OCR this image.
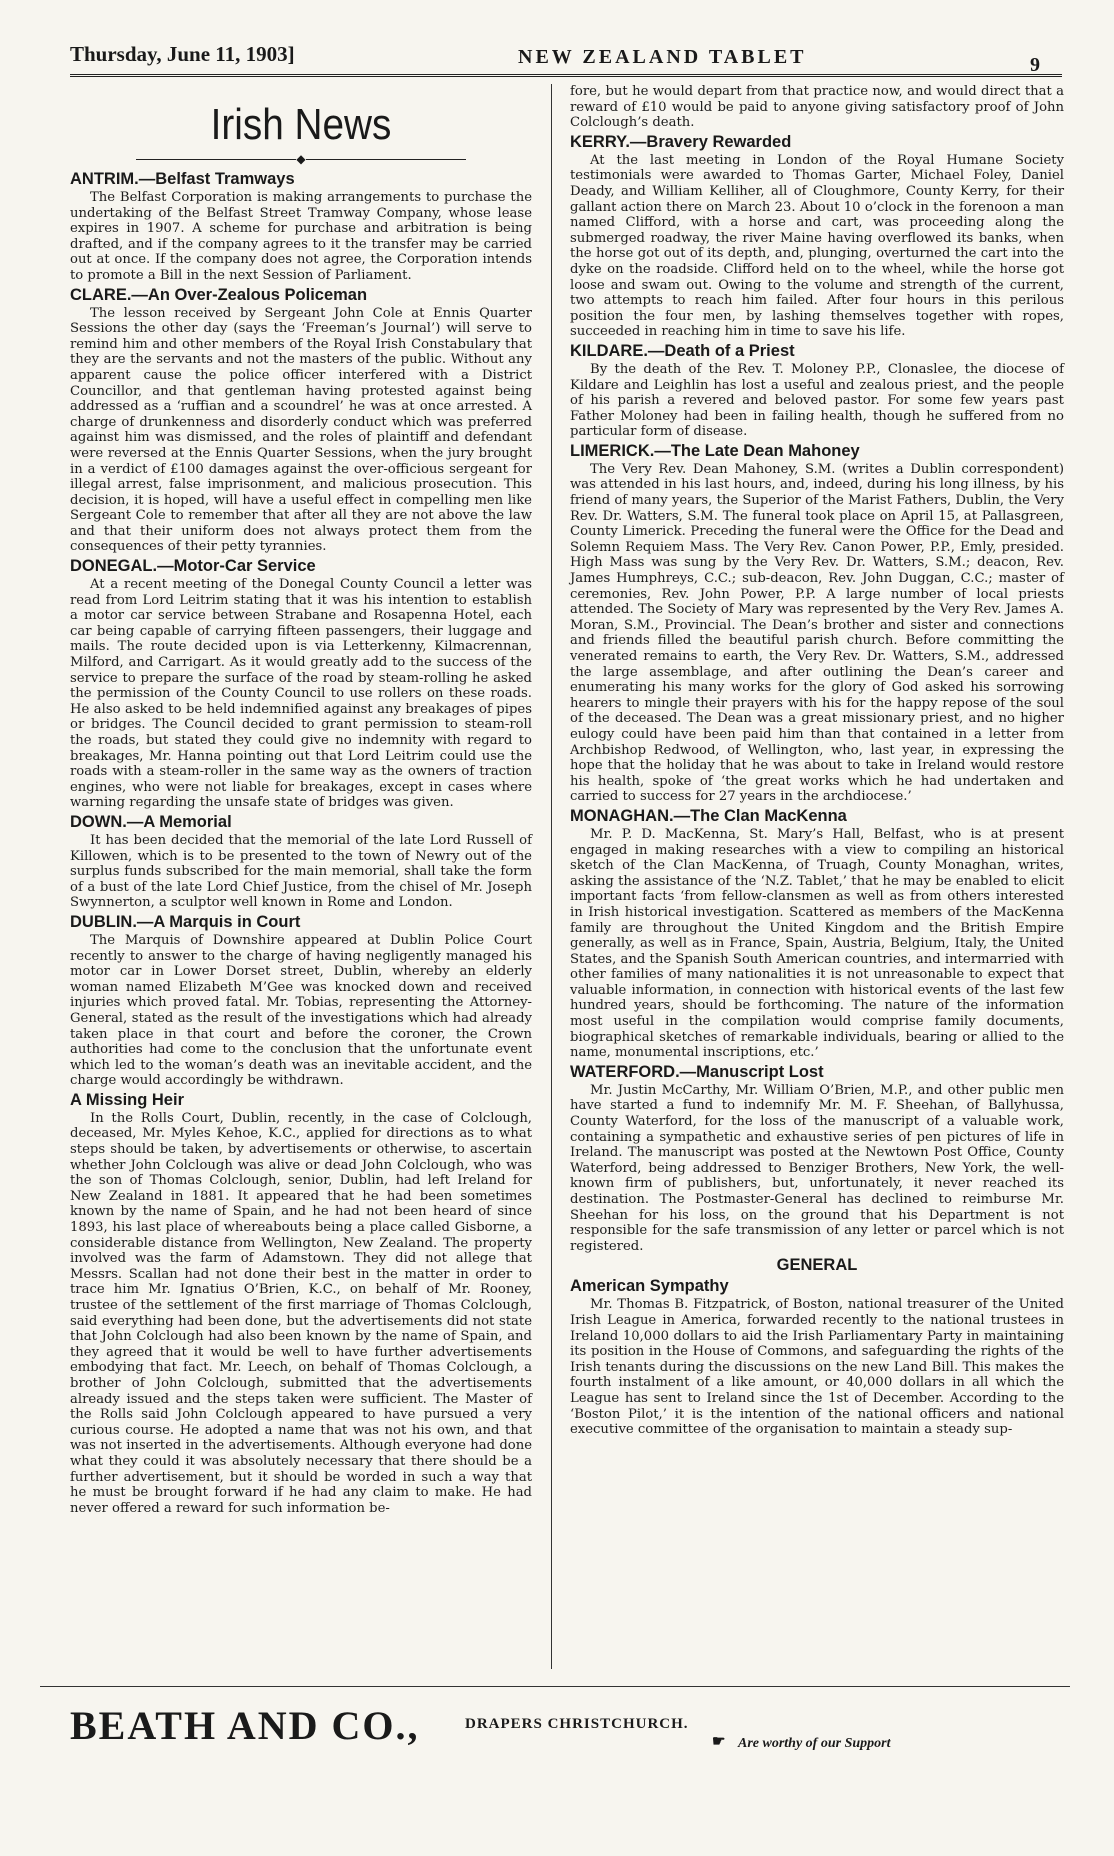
Thursday, June 11, 1903]	NEW ZEALAND TABLET	9
Irish News
◆
ANTRIM.—Belfast Tramways

The Belfast Corporation is making arrangements to purchase the undertaking of the Belfast Street Tramway Company, whose lease expires in 1907. A scheme for purchase and arbitration is being drafted, and if the company agrees to it the transfer may be carried out at once. If the company does not agree, the Corporation intends to promote a Bill in the next Session of Parliament.

CLARE.—An Over-Zealous Policeman

The lesson received by Sergeant John Cole at Ennis Quarter Sessions the other day (says the ‘Freeman’s Journal’) will serve to remind him and other members of the Royal Irish Constabulary that they are the servants and not the masters of the public. Without any apparent cause the police officer interfered with a District Councillor, and that gentleman having protested against being addressed as a ‘ruffian and a scoundrel’ he was at once arrested. A charge of drunkenness and disorderly conduct which was preferred against him was dismissed, and the roles of plaintiff and defendant were reversed at the Ennis Quarter Sessions, when the jury brought in a verdict of £100 damages against the over-officious sergeant for illegal arrest, false imprisonment, and malicious prosecution. This decision, it is hoped, will have a useful effect in compelling men like Sergeant Cole to remember that after all they are not above the law and that their uniform does not always protect them from the consequences of their petty tyrannies.

DONEGAL.—Motor-Car Service

At a recent meeting of the Donegal County Council a letter was read from Lord Leitrim stating that it was his intention to establish a motor car service between Strabane and Rosapenna Hotel, each car being capable of carrying fifteen passengers, their luggage and mails. The route decided upon is via Letterkenny, Kilmacrennan, Milford, and Carrigart. As it would greatly add to the success of the service to prepare the surface of the road by steam-rolling he asked the permission of the County Council to use rollers on these roads. He also asked to be held indemnified against any breakages of pipes or bridges. The Council decided to grant permission to steam-roll the roads, but stated they could give no indemnity with regard to breakages, Mr. Hanna pointing out that Lord Leitrim could use the roads with a steam-roller in the same way as the owners of traction engines, who were not liable for breakages, except in cases where warning regarding the unsafe state of bridges was given.

DOWN.—A Memorial

It has been decided that the memorial of the late Lord Russell of Killowen, which is to be presented to the town of Newry out of the surplus funds subscribed for the main memorial, shall take the form of a bust of the late Lord Chief Justice, from the chisel of Mr. Joseph Swynnerton, a sculptor well known in Rome and London.

DUBLIN.—A Marquis in Court

The Marquis of Downshire appeared at Dublin Police Court recently to answer to the charge of having negligently managed his motor car in Lower Dorset street, Dublin, whereby an elderly woman named Elizabeth M’Gee was knocked down and received injuries which proved fatal. Mr. Tobias, representing the Attorney-General, stated as the result of the investigations which had already taken place in that court and before the coroner, the Crown authorities had come to the conclusion that the unfortunate event which led to the woman’s death was an inevitable accident, and the charge would accordingly be withdrawn.

A Missing Heir

In the Rolls Court, Dublin, recently, in the case of Colclough, deceased, Mr. Myles Kehoe, K.C., applied for directions as to what steps should be taken, by advertisements or otherwise, to ascertain whether John Colclough was alive or dead John Colclough, who was the son of Thomas Colclough, senior, Dublin, had left Ireland for New Zealand in 1881. It appeared that he had been sometimes known by the name of Spain, and he had not been heard of since 1893, his last place of whereabouts being a place called Gisborne, a considerable distance from Wellington, New Zealand. The property involved was the farm of Adamstown. They did not allege that Messrs. Scallan had not done their best in the matter in order to trace him Mr. Ignatius O’Brien, K.C., on behalf of Mr. Rooney, trustee of the settlement of the first marriage of Thomas Colclough, said everything had been done, but the advertisements did not state that John Colclough had also been known by the name of Spain, and they agreed that it would be well to have further advertisements embodying that fact. Mr. Leech, on behalf of Thomas Colclough, a brother of John Colclough, submitted that the advertisements already issued and the steps taken were sufficient. The Master of the Rolls said John Colclough appeared to have pursued a very curious course. He adopted a name that was not his own, and that was not inserted in the advertisements. Although everyone had done what they could it was absolutely necessary that there should be a further advertisement, but it should be worded in such a way that he must be brought forward if he had any claim to make. He had never offered a reward for such information be-

fore, but he would depart from that practice now, and would direct that a reward of £10 would be paid to anyone giving satisfactory proof of John Colclough’s death.

KERRY.—Bravery Rewarded

At the last meeting in London of the Royal Humane Society testimonials were awarded to Thomas Garter, Michael Foley, Daniel Deady, and William Kelliher, all of Cloughmore, County Kerry, for their gallant action there on March 23. About 10 o’clock in the forenoon a man named Clifford, with a horse and cart, was proceeding along the submerged roadway, the river Maine having overflowed its banks, when the horse got out of its depth, and, plunging, overturned the cart into the dyke on the roadside. Clifford held on to the wheel, while the horse got loose and swam out. Owing to the volume and strength of the current, two attempts to reach him failed. After four hours in this perilous position the four men, by lashing themselves together with ropes, succeeded in reaching him in time to save his life.

KILDARE.—Death of a Priest

By the death of the Rev. T. Moloney P.P., Clonaslee, the diocese of Kildare and Leighlin has lost a useful and zealous priest, and the people of his parish a revered and beloved pastor. For some few years past Father Moloney had been in failing health, though he suffered from no particular form of disease.

LIMERICK.—The Late Dean Mahoney

The Very Rev. Dean Mahoney, S.M. (writes a Dublin correspondent) was attended in his last hours, and, indeed, during his long illness, by his friend of many years, the Superior of the Marist Fathers, Dublin, the Very Rev. Dr. Watters, S.M. The funeral took place on April 15, at Pallasgreen, County Limerick. Preceding the funeral were the Office for the Dead and Solemn Requiem Mass. The Very Rev. Canon Power, P.P., Emly, presided. High Mass was sung by the Very Rev. Dr. Watters, S.M.; deacon, Rev. James Humphreys, C.C.; sub-deacon, Rev. John Duggan, C.C.; master of ceremonies, Rev. John Power, P.P. A large number of local priests attended. The Society of Mary was represented by the Very Rev. James A. Moran, S.M., Provincial. The Dean’s brother and sister and connections and friends filled the beautiful parish church. Before committing the venerated remains to earth, the Very Rev. Dr. Watters, S.M., addressed the large assemblage, and after outlining the Dean’s career and enumerating his many works for the glory of God asked his sorrowing hearers to mingle their prayers with his for the happy repose of the soul of the deceased. The Dean was a great missionary priest, and no higher eulogy could have been paid him than that contained in a letter from Archbishop Redwood, of Wellington, who, last year, in expressing the hope that the holiday that he was about to take in Ireland would restore his health, spoke of ‘the great works which he had undertaken and carried to success for 27 years in the archdiocese.’

MONAGHAN.—The Clan MacKenna

Mr. P. D. MacKenna, St. Mary’s Hall, Belfast, who is at present engaged in making researches with a view to compiling an historical sketch of the Clan MacKenna, of Truagh, County Monaghan, writes, asking the assistance of the ‘N.Z. Tablet,’ that he may be enabled to elicit important facts ‘from fellow-clansmen as well as from others interested in Irish historical investigation. Scattered as members of the MacKenna family are throughout the United Kingdom and the British Empire generally, as well as in France, Spain, Austria, Belgium, Italy, the United States, and the Spanish South American countries, and intermarried with other families of many nationalities it is not unreasonable to expect that valuable information, in connection with historical events of the last few hundred years, should be forthcoming. The nature of the information most useful in the compilation would comprise family documents, biographical sketches of remarkable individuals, bearing or allied to the name, monumental inscriptions, etc.’

WATERFORD.—Manuscript Lost

Mr. Justin McCarthy, Mr. William O’Brien, M.P., and other public men have started a fund to indemnify Mr. M. F. Sheehan, of Ballyhussa, County Waterford, for the loss of the manuscript of a valuable work, containing a sympathetic and exhaustive series of pen pictures of life in Ireland. The manuscript was posted at the Newtown Post Office, County Waterford, being addressed to Benziger Brothers, New York, the well-known firm of publishers, but, unfortunately, it never reached its destination. The Postmaster-General has declined to reimburse Mr. Sheehan for his loss, on the ground that his Department is not responsible for the safe transmission of any letter or parcel which is not registered.

GENERAL
American Sympathy

Mr. Thomas B. Fitzpatrick, of Boston, national treasurer of the United Irish League in America, forwarded recently to the national trustees in Ireland 10,000 dollars to aid the Irish Parliamentary Party in maintaining its position in the House of Commons, and safeguarding the rights of the Irish tenants during the discussions on the new Land Bill. This makes the fourth instalment of a like amount, or 40,000 dollars in all which the League has sent to Ireland since the 1st of December. According to the ‘Boston Pilot,’ it is the intention of the national officers and national executive committee of the organisation to maintain a steady sup-

BEATH AND CO.,	DRAPERS CHRISTCHURCH.
☛ Are worthy of our Support
